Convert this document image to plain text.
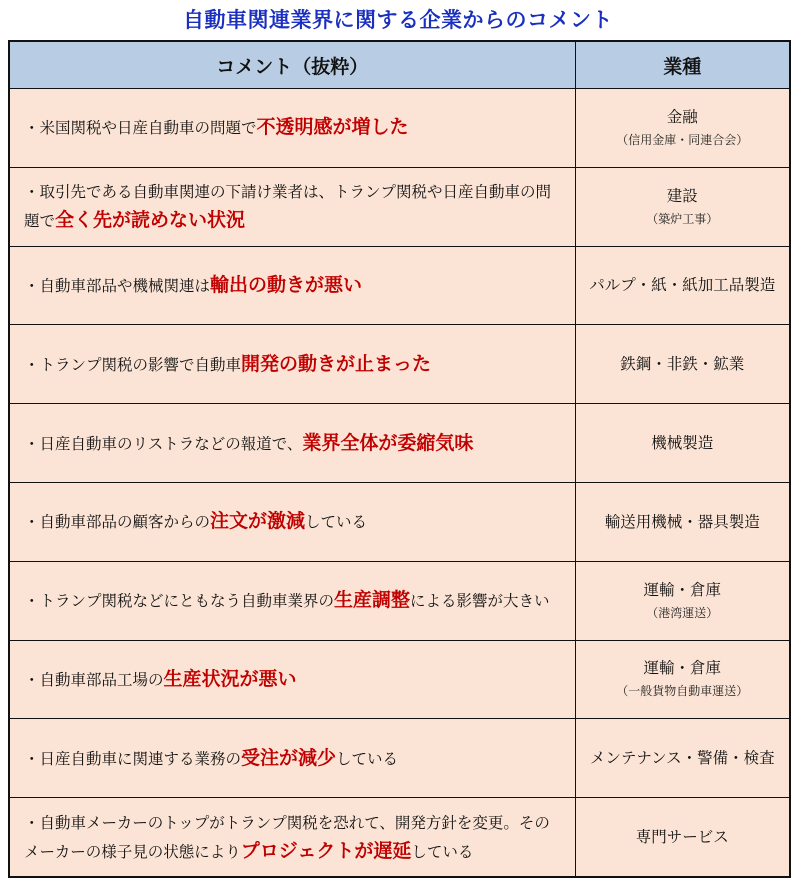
自動車関連業界に関する企業からのコメント
コメント（抜粋）	業種
・米国関税や日産自動車の問題で不透明感が増した	金融
（信用金庫・同連合会）

・取引先である自動車関連の下請け業者は、トランプ関税や日産自動車の問題で全く先が読めない状況	建設
（築炉工事）

・自動車部品や機械関連は輸出の動きが悪い	パルプ・紙・紙加工品製造

・トランプ関税の影響で自動車開発の動きが止まった	鉄鋼・非鉄・鉱業

・日産自動車のリストラなどの報道で、業界全体が委縮気味	機械製造

・自動車部品の顧客からの注文が激減している	輸送用機械・器具製造

・トランプ関税などにともなう自動車業界の生産調整による影響が大きい	運輸・倉庫
（港湾運送）

・自動車部品工場の生産状況が悪い	運輸・倉庫
（一般貨物自動車運送）

・日産自動車に関連する業務の受注が減少している	メンテナンス・警備・検査

・自動車メーカーのトップがトランプ関税を恐れて、開発方針を変更。そのメーカーの様子見の状態によりプロジェクトが遅延している	専門サービス
